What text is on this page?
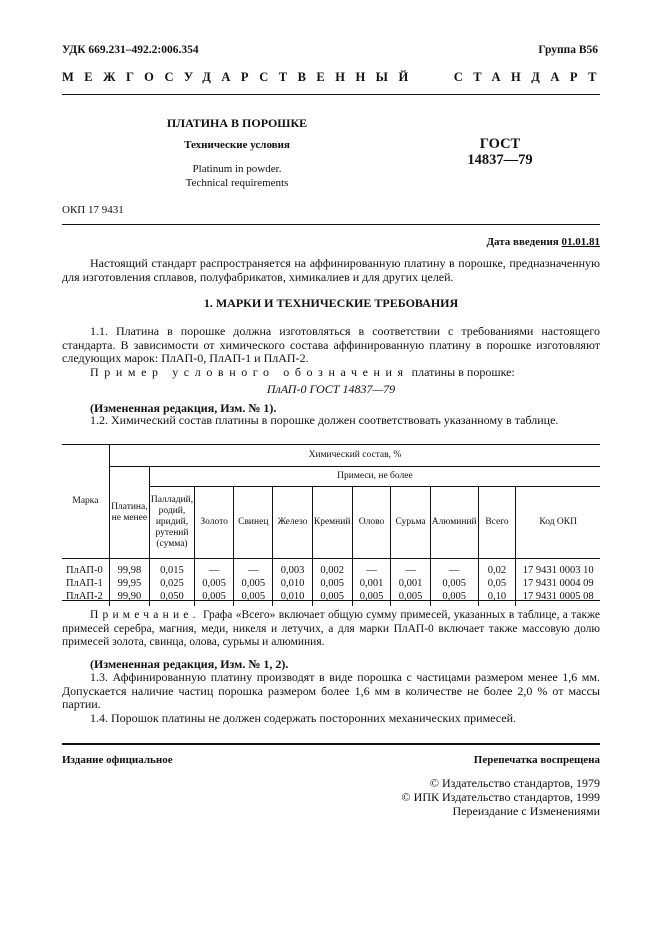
УДК 669.231–492.2:006.354	Группа В56
МЕЖГОСУДАРСТВЕННЫЙ СТАНДАРТ
ПЛАТИНА В ПОРОШКЕ
Технические условия
Platinum in powder.
Technical requirements
ГОСТ
14837—79
ОКП 17 9431
Дата введения 01.01.81

Настоящий стандарт распространяется на аффинированную платину в порошке, предназначенную для изготовления сплавов, полуфабрикатов, химикалиев и для других целей.

1. МАРКИ И ТЕХНИЧЕСКИЕ ТРЕБОВАНИЯ

1.1. Платина в порошке должна изготовляться в соответствии с требованиями настоящего стандарта. В зависимости от химического состава аффинированную платину в порошке изготовляют следующих марок: ПлАП-0, ПлАП-1 и ПлАП-2.

Пример условного обозначения платины в порошке:
ПлАП-0 ГОСТ 14837—79
(Измененная редакция, Изм. № 1).

1.2. Химический состав платины в порошке должен соответствовать указанному в таблице.

Марка	Химический состав, %										
	Платина, не менее	Примеси, не более									
		Палладий, родий, иридий, рутений (сумма)	Золото	Свинец	Железо	Кремний	Олово	Сурьма	Алюминий	Всего	Код ОКП
ПлАП-0	99,98	0,015	—	—	0,003	0,002	—	—	—	0,02	17 9431 0003 10
ПлАП-1	99,95	0,025	0,005	0,005	0,010	0,005	0,001	0,001	0,005	0,05	17 9431 0004 09
ПлАП-2	99,90	0,050	0,005	0,005	0,010	0,005	0,005	0,005	0,005	0,10	17 9431 0005 08

Примечание. Графа «Всего» включает общую сумму примесей, указанных в таблице, а также примесей серебра, магния, меди, никеля и летучих, а для марки ПлАП-0 включает также массовую долю примесей золота, свинца, олова, сурьмы и алюминия.

(Измененная редакция, Изм. № 1, 2).

1.3. Аффинированную платину производят в виде порошка с частицами размером менее 1,6 мм. Допускается наличие частиц порошка размером более 1,6 мм в количестве не более 2,0 % от массы партии.

1.4. Порошок платины не должен содержать посторонних механических примесей.

Издание официальное	Перепечатка воспрещена
© Издательство стандартов, 1979
© ИПК Издательство стандартов, 1999
Переиздание с Изменениями
